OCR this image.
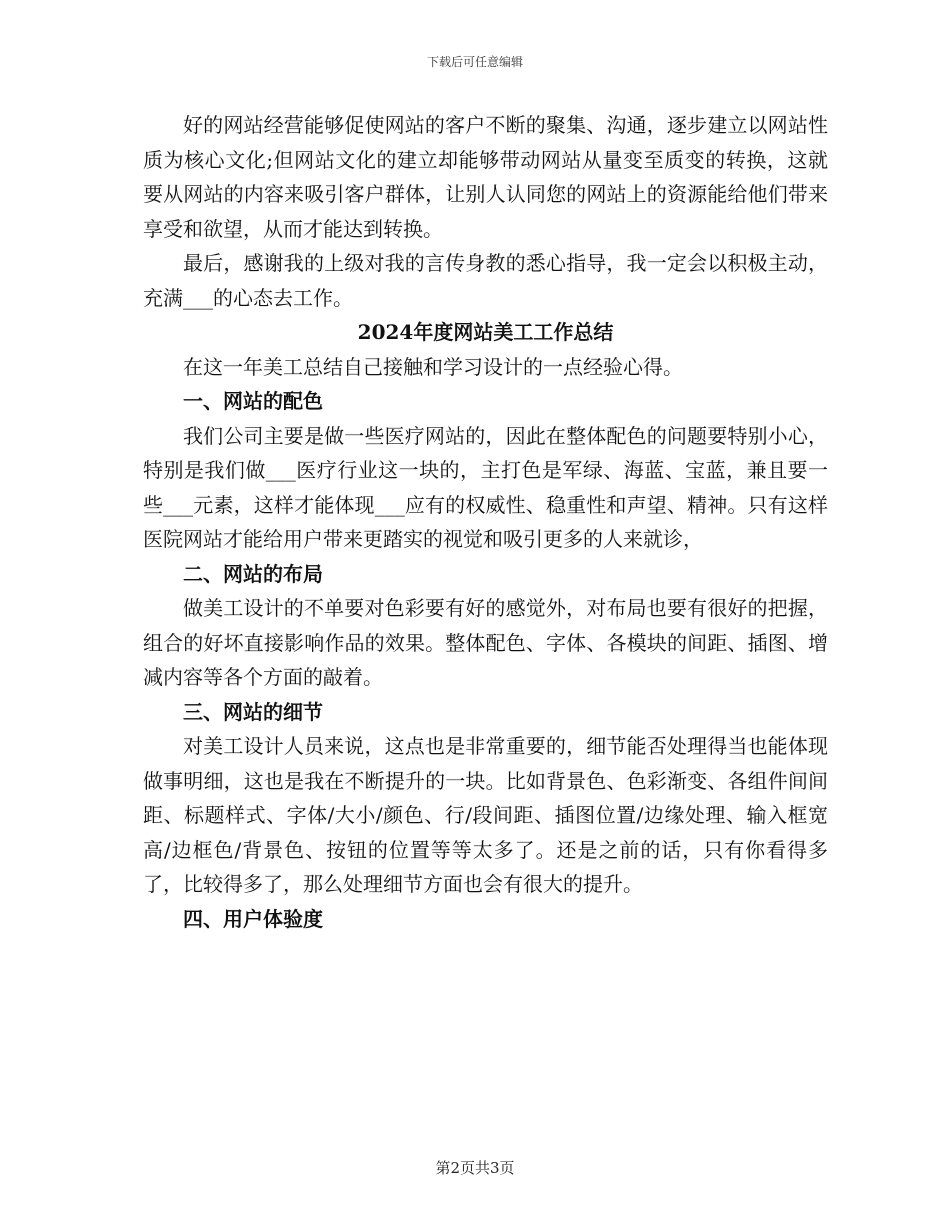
下载后可任意编辑

好的网站经营能够促使网站的客户不断的聚集、沟通，逐步建立以网站性质为核心文化;但网站文化的建立却能够带动网站从量变至质变的转换，这就要从网站的内容来吸引客户群体，让别人认同您的网站上的资源能给他们带来享受和欲望，从而才能达到转换。

最后，感谢我的上级对我的言传身教的悉心指导，我一定会以积极主动，充满___的心态去工作。

2024年度网站美工工作总结

在这一年美工总结自己接触和学习设计的一点经验心得。

一、网站的配色

我们公司主要是做一些医疗网站的，因此在整体配色的问题要特别小心，特别是我们做___医疗行业这一块的，主打色是军绿、海蓝、宝蓝，兼且要一些___元素，这样才能体现___应有的权威性、稳重性和声望、精神。只有这样医院网站才能给用户带来更踏实的视觉和吸引更多的人来就诊，

二、网站的布局

做美工设计的不单要对色彩要有好的感觉外，对布局也要有很好的把握，组合的好坏直接影响作品的效果。整体配色、字体、各模块的间距、插图、增减内容等各个方面的敲着。

三、网站的细节

对美工设计人员来说，这点也是非常重要的，细节能否处理得当也能体现做事明细，这也是我在不断提升的一块。比如背景色、色彩渐变、各组件间间距、标题样式、字体/大小/颜色、行/段间距、插图位置/边缘处理、输入框宽高/边框色/背景色、按钮的位置等等太多了。还是之前的话，只有你看得多了，比较得多了，那么处理细节方面也会有很大的提升。

四、用户体验度

第2页共3页
